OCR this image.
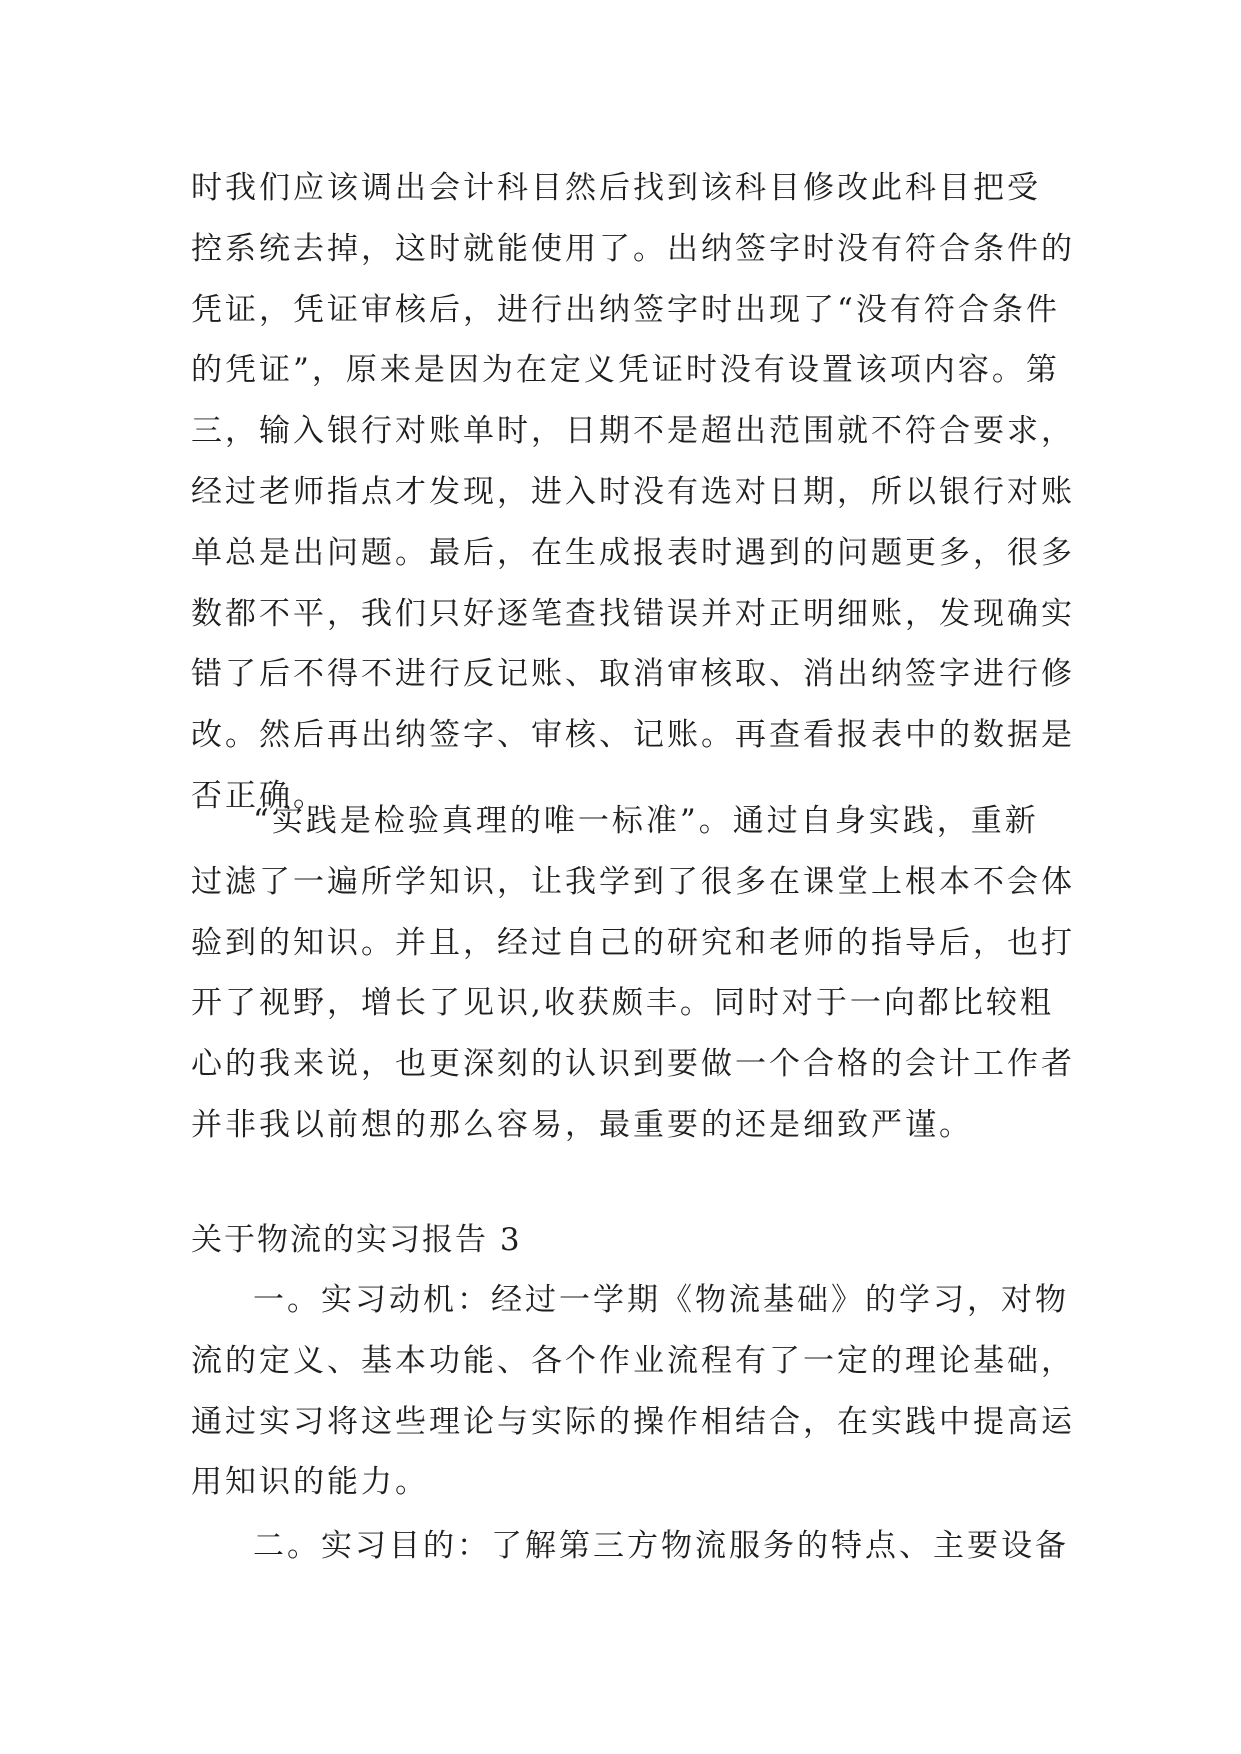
时我们应该调出会计科目然后找到该科目修改此科目把受
控系统去掉，这时就能使用了。出纳签字时没有符合条件的
凭证，凭证审核后，进行出纳签字时出现了“没有符合条件
的凭证”，原来是因为在定义凭证时没有设置该项内容。第
三，输入银行对账单时，日期不是超出范围就不符合要求，
经过老师指点才发现，进入时没有选对日期，所以银行对账
单总是出问题。最后，在生成报表时遇到的问题更多，很多
数都不平，我们只好逐笔查找错误并对正明细账，发现确实
错了后不得不进行反记账、取消审核取、消出纳签字进行修
改。然后再出纳签字、审核、记账。再查看报表中的数据是
否正确。
“实践是检验真理的唯一标准”。通过自身实践，重新
过滤了一遍所学知识，让我学到了很多在课堂上根本不会体
验到的知识。并且，经过自己的研究和老师的指导后，也打
开了视野，增长了见识,收获颇丰。同时对于一向都比较粗
心的我来说，也更深刻的认识到要做一个合格的会计工作者
并非我以前想的那么容易，最重要的还是细致严谨。
关于物流的实习报告 3
一。实习动机：经过一学期《物流基础》的学习，对物
流的定义、基本功能、各个作业流程有了一定的理论基础，
通过实习将这些理论与实际的操作相结合，在实践中提高运
用知识的能力。
二。实习目的：了解第三方物流服务的特点、主要设备
